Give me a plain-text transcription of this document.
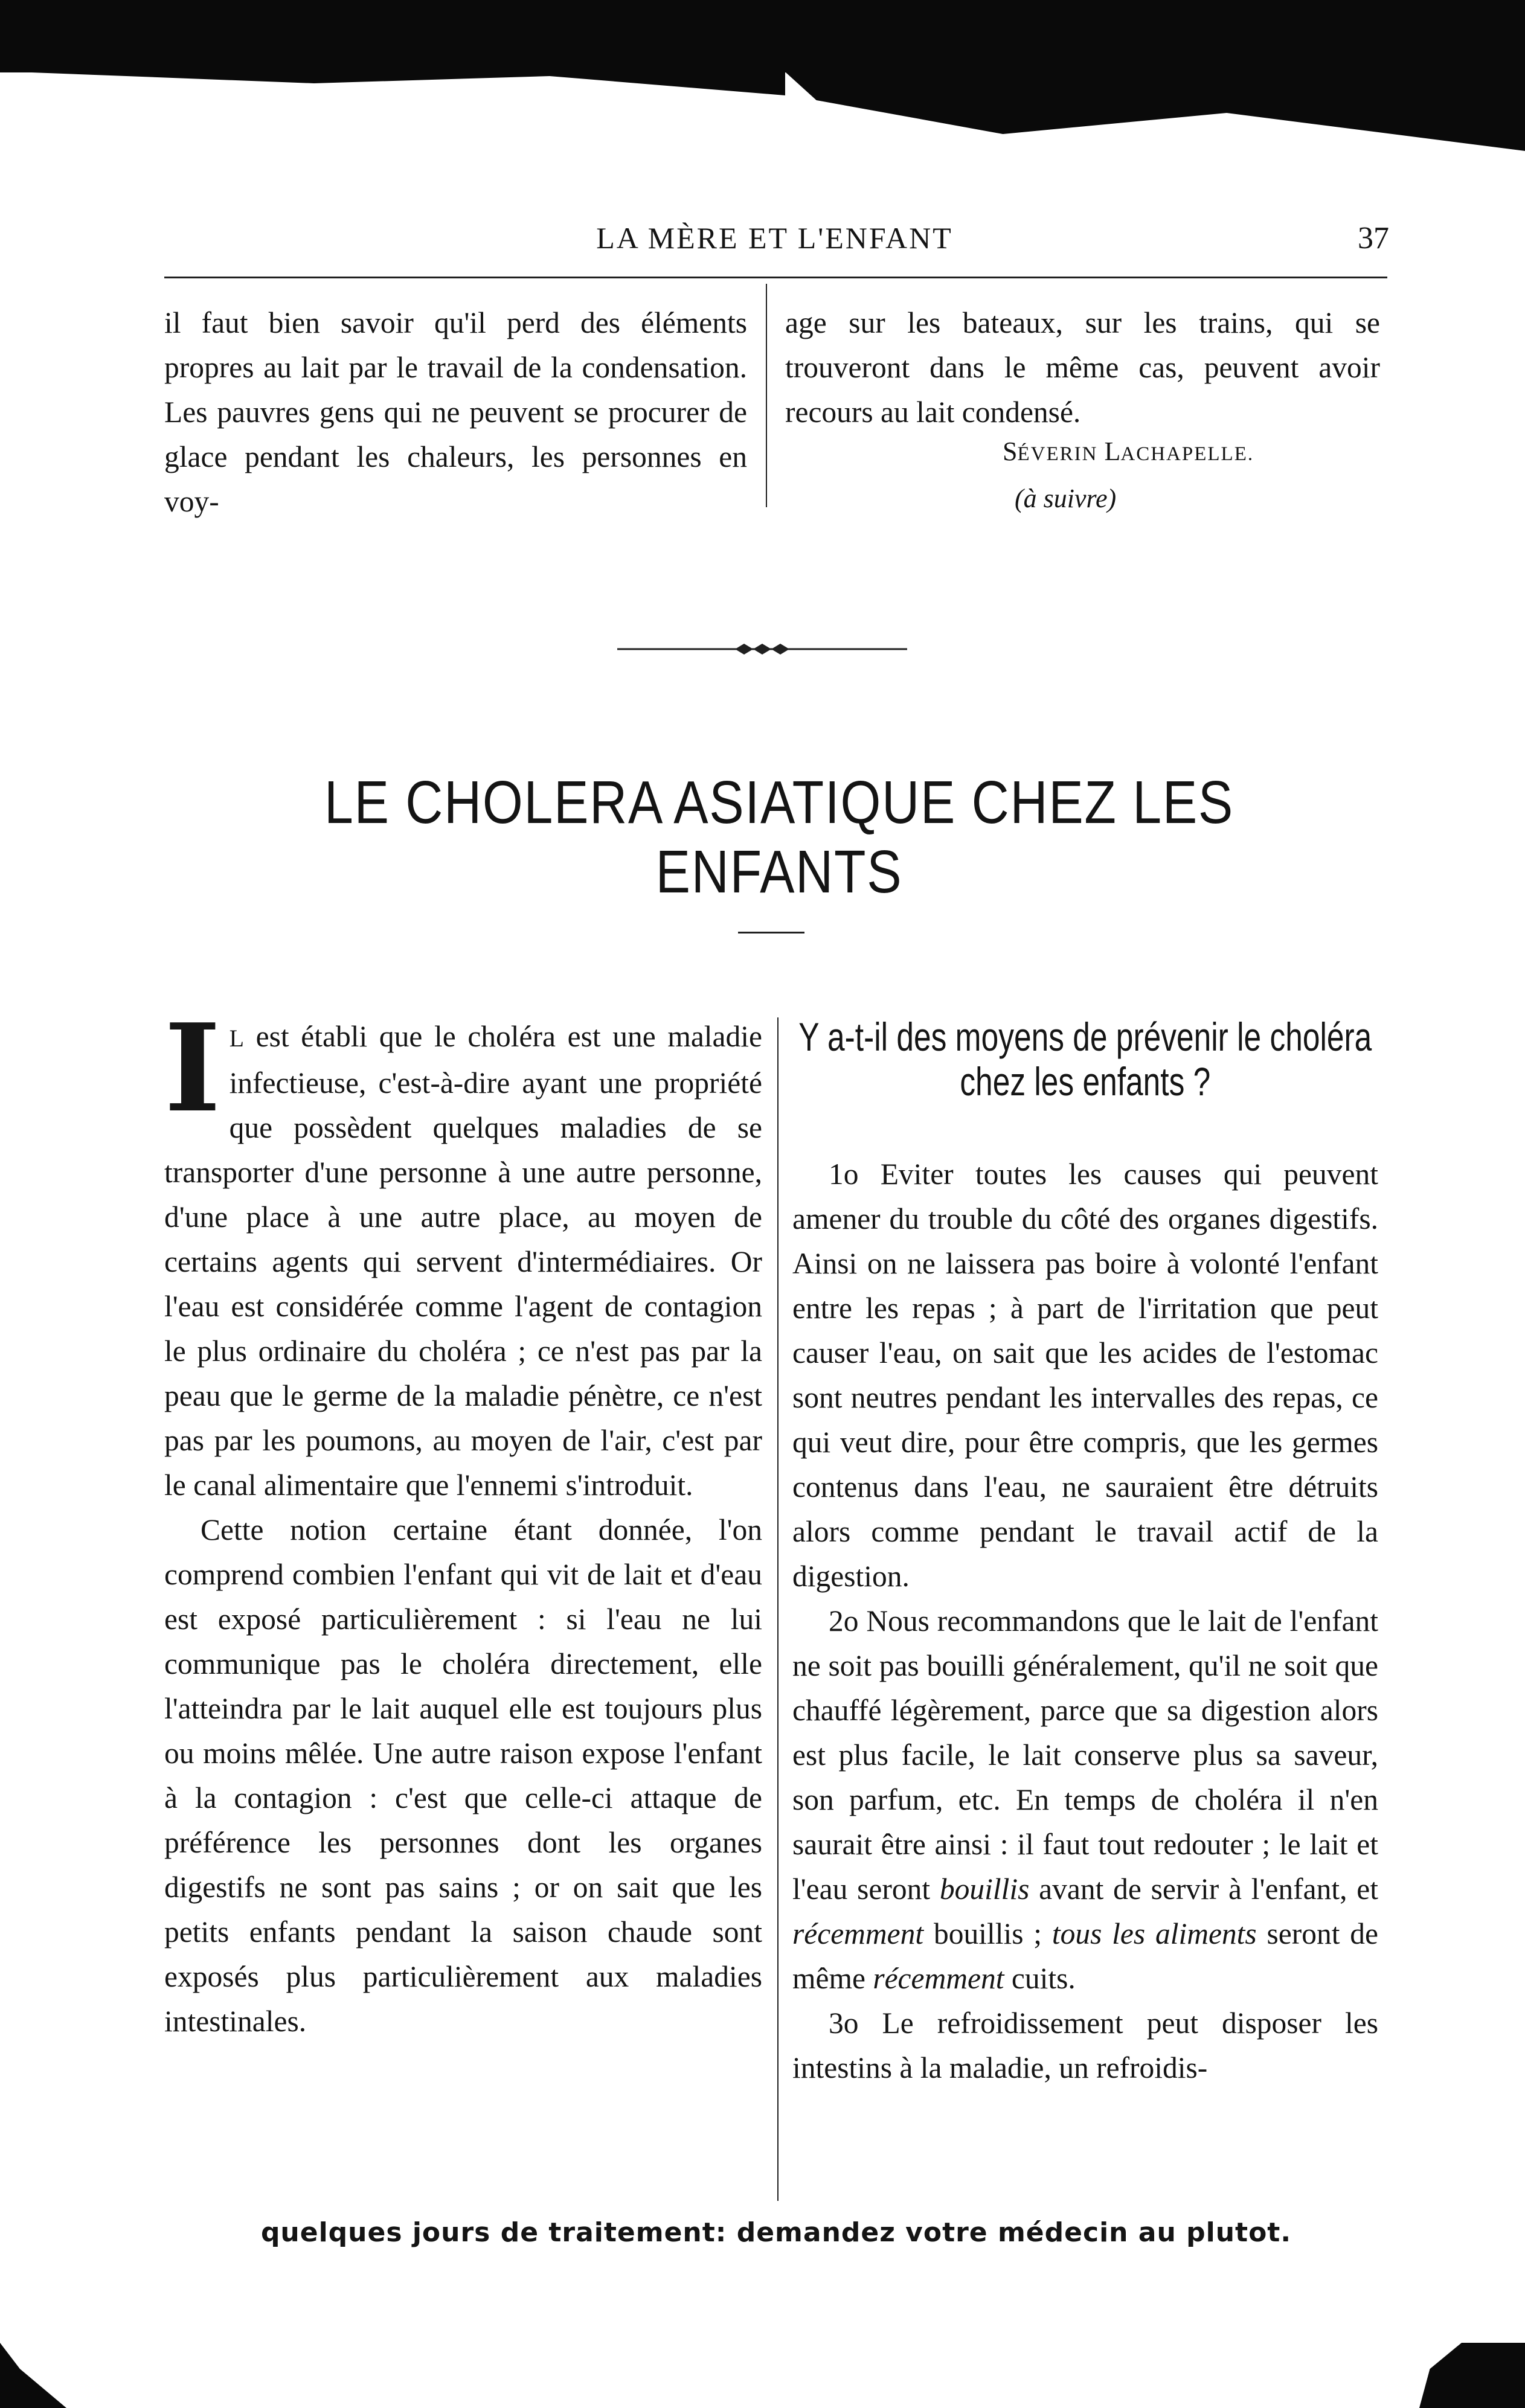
LA MÈRE ET L'ENFANT	37

il faut bien savoir qu'il perd des éléments propres au lait par le travail de la condensation. Les pauvres gens qui ne peuvent se procurer de glace pendant les chaleurs, les personnes en voy-

age sur les bateaux, sur les trains, qui se trouveront dans le même cas, peuvent avoir recours au lait condensé.

SÉVERIN LACHAPELLE.
(à suivre)
LE CHOLERA ASIATIQUE CHEZ LES ENFANTS

I L est établi que le choléra est une maladie infectieuse, c'est-à-dire ayant une propriété que possèdent quelques maladies de se transporter d'une personne à une autre personne, d'une place à une autre place, au moyen de certains agents qui servent d'intermédiaires. Or l'eau est considérée comme l'agent de contagion le plus ordinaire du choléra ; ce n'est pas par la peau que le germe de la maladie pénètre, ce n'est pas par les poumons, au moyen de l'air, c'est par le canal alimentaire que l'ennemi s'introduit.

Cette notion certaine étant donnée, l'on comprend combien l'enfant qui vit de lait et d'eau est exposé particulièrement : si l'eau ne lui communique pas le choléra directement, elle l'atteindra par le lait auquel elle est toujours plus ou moins mêlée. Une autre raison expose l'enfant à la contagion : c'est que celle-ci attaque de préférence les personnes dont les organes digestifs ne sont pas sains ; or on sait que les petits enfants pendant la saison chaude sont exposés plus particulièrement aux maladies intestinales.

Y a-t-il des moyens de prévenir le choléra chez les enfants ?

1o Eviter toutes les causes qui peuvent amener du trouble du côté des organes digestifs. Ainsi on ne laissera pas boire à volonté l'enfant entre les repas ; à part de l'irritation que peut causer l'eau, on sait que les acides de l'estomac sont neutres pendant les intervalles des repas, ce qui veut dire, pour être compris, que les germes contenus dans l'eau, ne sauraient être détruits alors comme pendant le travail actif de la digestion.

2o Nous recommandons que le lait de l'enfant ne soit pas bouilli généralement, qu'il ne soit que chauffé légèrement, parce que sa digestion alors est plus facile, le lait conserve plus sa saveur, son parfum, etc. En temps de choléra il n'en saurait être ainsi : il faut tout redouter ; le lait et l'eau seront bouillis avant de servir à l'enfant, et récemment bouillis ; tous les aliments seront de même récemment cuits.

3o Le refroidissement peut disposer les intestins à la maladie, un refroidis-

quelques jours de traitement: demandez votre médecin au plutot.
